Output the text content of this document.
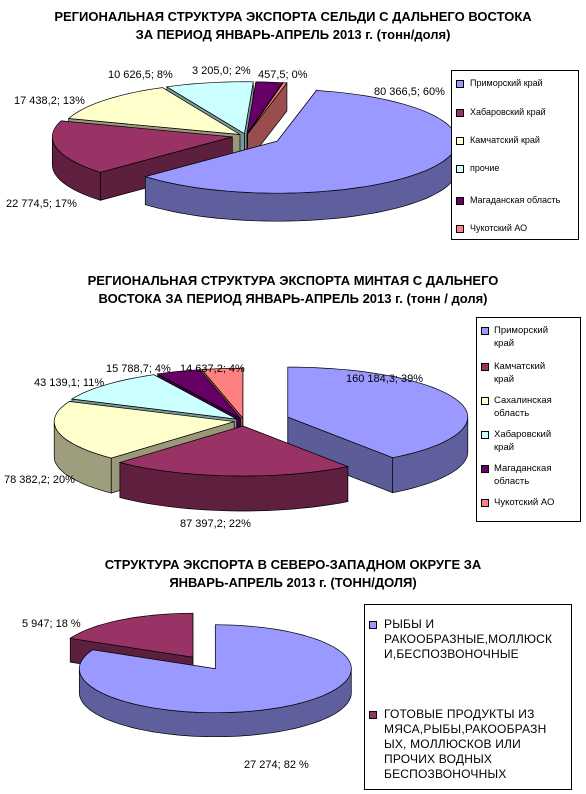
РЕГИОНАЛЬНАЯ СТРУКТУРА ЭКСПОРТА СЕЛЬДИ С ДАЛЬНЕГО ВОСТОКА
ЗА ПЕРИОД ЯНВАРЬ-АПРЕЛЬ 2013 г. (тонн/доля)
80 366,5; 60%
22 774,5; 17%
17 438,2; 13%
10 626,5; 8% 3 205,0; 2% 457,5; 0%
Приморский край
Хабаровский край
Камчатский край
прочие
Магаданская область
Чукотский АО
РЕГИОНАЛЬНАЯ СТРУКТУРА ЭКСПОРТА МИНТАЯ С ДАЛЬНЕГО
ВОСТОКА ЗА ПЕРИОД ЯНВАРЬ-АПРЕЛЬ 2013 г. (тонн / доля)
160 184,3; 39%
87 397,2; 22%
78 382,2; 20%
43 139,1; 11%
15 788,7; 4% 14 637,2; 4%
Приморский
край
Камчатский
край
Сахалинская
область
Хабаровский
край
Магаданская
область
Чукотский АО
СТРУКТУРА ЭКСПОРТА В СЕВЕРО-ЗАПАДНОМ ОКРУГЕ ЗА
ЯНВАРЬ-АПРЕЛЬ 2013 г. (ТОНН/ДОЛЯ)
27 274; 82 %
5 947; 18 %	РЫБЫ И
РАКООБРАЗНЫЕ,МОЛЛЮСК
И,БЕСПОЗВОНОЧНЫЕ
ГОТОВЫЕ ПРОДУКТЫ ИЗ
МЯСА,РЫБЫ,РАКООБРАЗН
ЫХ, МОЛЛЮСКОВ ИЛИ
ПРОЧИХ ВОДНЫХ
БЕСПОЗВОНОЧНЫХ
